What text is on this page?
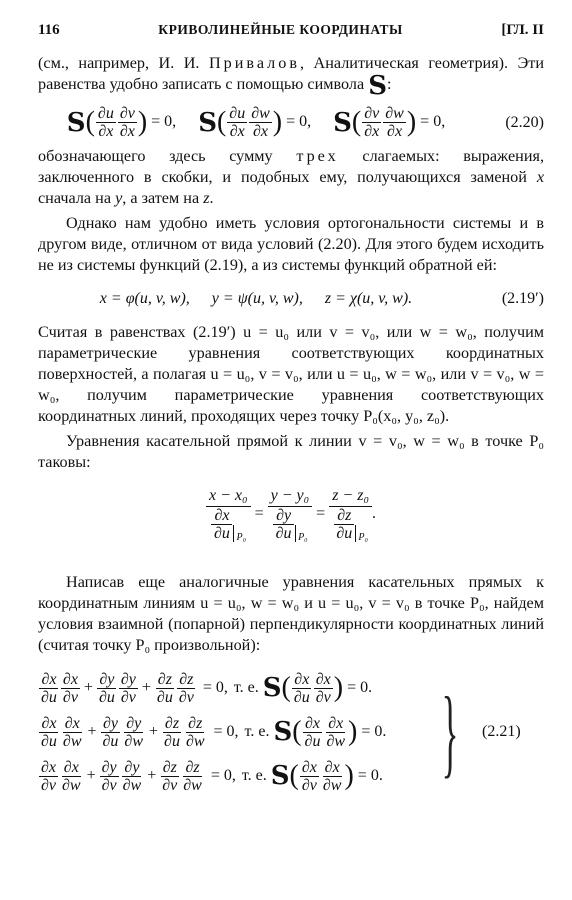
116	КРИВОЛИНЕЙНЫЕ КООРДИНАТЫ	[ГЛ. II

(см., например, И. И. Привалов, Аналитическая геометрия). Эти равенства удобно записать с помощью символа 𝐒:

𝐒( $\frac{\partial u}{\partial x} \frac{\partial v}{\partial x}$ ) = 0, 𝐒( $\frac{\partial u}{\partial x} \frac{\partial w}{\partial x}$ ) = 0, 𝐒( $\frac{\partial v}{\partial x} \frac{\partial w}{\partial x}$ ) = 0,	(2.20)

обозначающего здесь сумму трех слагаемых: выражения, заключенного в скобки, и подобных ему, получающихся заменой x сначала на y, а затем на z.

Однако нам удобно иметь условия ортогональности системы и в другом виде, отличном от вида условий (2.20). Для этого будем исходить не из системы функций (2.19), а из системы функций обратной ей:

x = φ(u, v, w), y = ψ(u, v, w), z = χ(u, v, w).	(2.19′)

Считая в равенствах (2.19′) u = u₀ или v = v₀, или w = w₀, получим параметрические уравнения соответствующих координатных поверхностей, а полагая u = u₀, v = v₀, или u = u₀, w = w₀, или v = v₀, w = w₀, получим параметрические уравнения соответствующих координатных линий, проходящих через точку P₀(x₀, y₀, z₀).

Уравнения касательной прямой к линии v = v₀, w = w₀ в точке P₀ таковы:

$\frac{\text{x − x₀}}{\frac{\partial x}{\partial u} P_0} = \frac{\text{y − y₀}}{\frac{\partial y}{\partial u} P_0} = \frac{\text{z − z₀}}{\frac{\partial z}{\partial u} P_0}$ .

Написав еще аналогичные уравнения касательных прямых к координатным линиям u = u₀, w = w₀ и u = u₀, v = v₀ в точке P₀, найдем условия взаимной (попарной) перпендикулярности координатных линий (считая точку P₀ произвольной):

$\frac{\partial x}{\partial u} \frac{\partial x}{\partial v} + \frac{\partial y}{\partial u} \frac{\partial y}{\partial v} + \frac{\partial z}{\partial u} \frac{\partial z}{\partial v} = 0$, т. е. 𝐒 ( $\frac{\partial x}{\partial u} \frac{\partial x}{\partial v}$ ) = 0.
$\frac{\partial x}{\partial u} \frac{\partial x}{\partial w} + \frac{\partial y}{\partial u} \frac{\partial y}{\partial w} + \frac{\partial z}{\partial u} \frac{\partial z}{\partial w} = 0$, т. е. 𝐒 ( $\frac{\partial x}{\partial u} \frac{\partial x}{\partial w}$ ) = 0.
$\frac{\partial x}{\partial v} \frac{\partial x}{\partial w} + \frac{\partial y}{\partial v} \frac{\partial y}{\partial w} + \frac{\partial z}{\partial v} \frac{\partial z}{\partial w} = 0$, т. е. 𝐒 ( $\frac{\partial x}{\partial v} \frac{\partial x}{\partial w}$ ) = 0. } (2.21)
